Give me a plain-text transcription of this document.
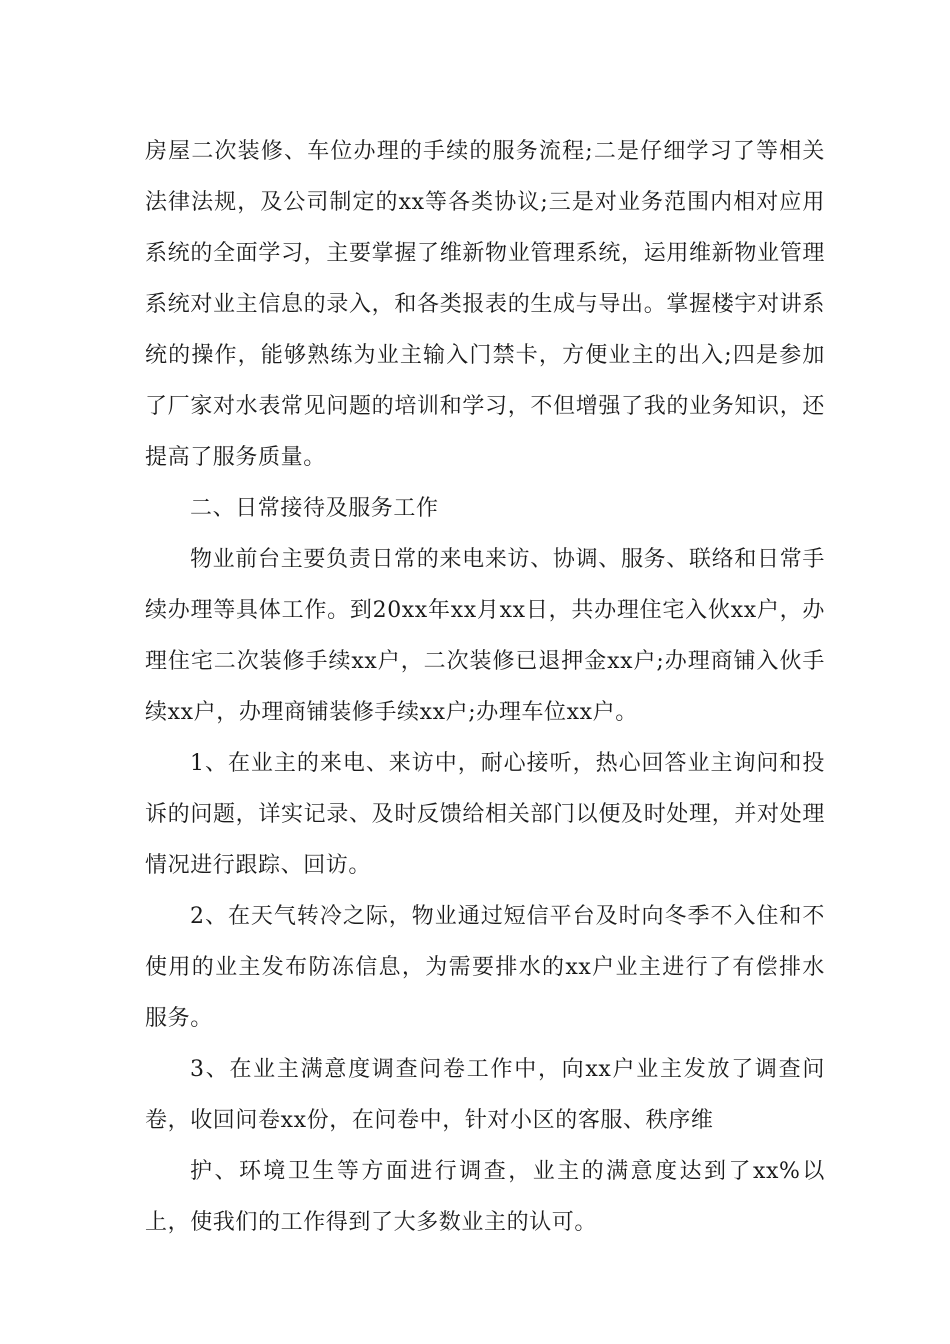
房屋二次装修、车位办理的手续的服务流程;二是仔细学习了等相关法律法规，及公司制定的xx等各类协议;三是对业务范围内相对应用系统的全面学习，主要掌握了维新物业管理系统，运用维新物业管理系统对业主信息的录入，和各类报表的生成与导出。掌握楼宇对讲系统的操作，能够熟练为业主输入门禁卡，方便业主的出入;四是参加了厂家对水表常见问题的培训和学习，不但增强了我的业务知识，还提高了服务质量。

二、日常接待及服务工作

物业前台主要负责日常的来电来访、协调、服务、联络和日常手续办理等具体工作。到20xx年xx月xx日，共办理住宅入伙xx户，办理住宅二次装修手续xx户，二次装修已退押金xx户;办理商铺入伙手续xx户，办理商铺装修手续xx户;办理车位xx户。

1、在业主的来电、来访中，耐心接听，热心回答业主询问和投诉的问题，详实记录、及时反馈给相关部门以便及时处理，并对处理情况进行跟踪、回访。

2、在天气转冷之际，物业通过短信平台及时向冬季不入住和不使用的业主发布防冻信息，为需要排水的xx户业主进行了有偿排水服务。

3、在业主满意度调查问卷工作中，向xx户业主发放了调查问卷，收回问卷xx份，在问卷中，针对小区的客服、秩序维

护、环境卫生等方面进行调查，业主的满意度达到了xx%以上，使我们的工作得到了大多数业主的认可。
